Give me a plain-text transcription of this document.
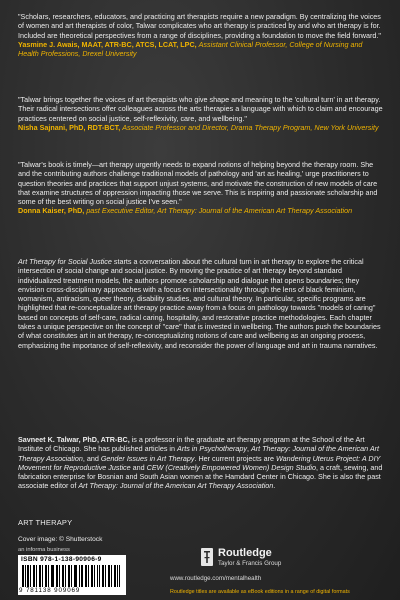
"Scholars, researchers, educators, and practicing art therapists require a new paradigm. By centralizing the voices of women and art therapists of color, Talwar complicates who art therapy is practiced by and who art therapy is for. Included are theoretical perspectives from a range of disciplines, providing a foundation to move the field forward."

Yasmine J. Awais, MAAT, ATR-BC, ATCS, LCAT, LPC, Assistant Clinical Professor, College of Nursing and Health Professions, Drexel University

"Talwar brings together the voices of art therapists who give shape and meaning to the 'cultural turn' in art therapy. Their radical intersections offer colleagues across the arts therapies a language with which to claim and encourage practices centered on social justice, self-reflexivity, care, and wellbeing."

Nisha Sajnani, PhD, RDT-BCT, Associate Professor and Director, Drama Therapy Program, New York University

"Talwar's book is timely—art therapy urgently needs to expand notions of helping beyond the therapy room. She and the contributing authors challenge traditional models of pathology and 'art as healing,' urge practitioners to question theories and practices that support unjust systems, and motivate the construction of new models of care that examine structures of oppression impacting those we serve. This is inspiring and passionate scholarship and some of the best writing on social justice I've seen."

Donna Kaiser, PhD, past Executive Editor, Art Therapy: Journal of the American Art Therapy Association

Art Therapy for Social Justice starts a conversation about the cultural turn in art therapy to explore the critical intersection of social change and social justice. By moving the practice of art therapy beyond standard individualized treatment models, the authors promote scholarship and dialogue that opens boundaries; they envision cross-disciplinary approaches with a focus on intersectionality through the lens of black feminism, womanism, antiracism, queer theory, disability studies, and cultural theory. In particular, specific programs are highlighted that re-conceptualize art therapy practice away from a focus on pathology towards "models of caring" based on concepts of self-care, radical caring, hospitality, and restorative practice methodologies. Each chapter takes a unique perspective on the concept of "care" that is invested in wellbeing. The authors push the boundaries of what constitutes art in art therapy, re-conceptualizing notions of care and wellbeing as an ongoing process, emphasizing the importance of self-reflexivity, and reconsider the power of language and art in trauma narratives.
Savneet K. Talwar, PhD, ATR-BC, is a professor in the graduate art therapy program at the School of the Art Institute of Chicago. She has published articles in Arts in Psychotherapy, Art Therapy: Journal of the American Art Therapy Association, and Gender Issues in Art Therapy. Her current projects are Wandering Uterus Project: A DIY Movement for Reproductive Justice and CEW (Creatively Empowered Women) Design Studio, a craft, sewing, and fabrication enterprise for Bosnian and South Asian women at the Hamdard Center in Chicago. She is also the past associate editor of Art Therapy: Journal of the American Art Therapy Association.
ART THERAPY
Cover image: © Shutterstock
an informa business
ISBN 978-1-138-90906-9
9 781138 909069
Routledge
Taylor & Francis Group
www.routledge.com/mentalhealth
Routledge titles are available as eBook editions in a range of digital formats
